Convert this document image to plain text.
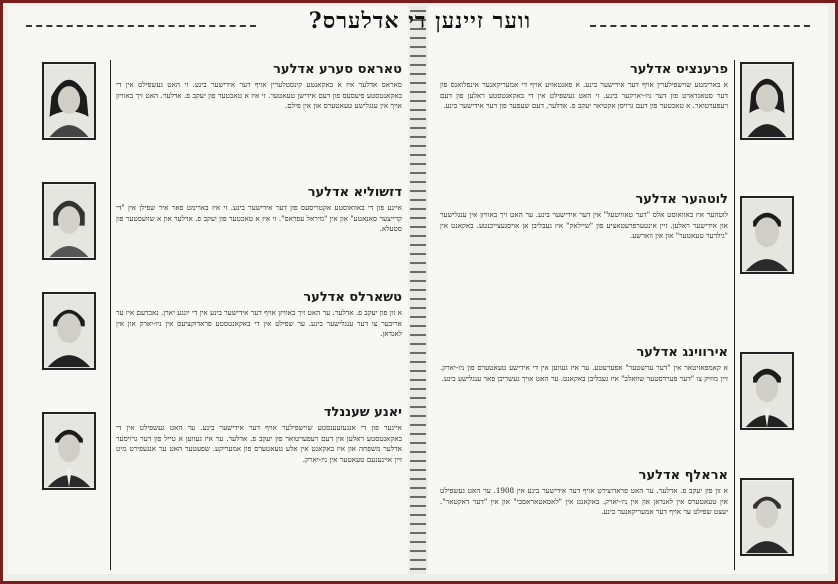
ווער זיינען די אדלערס?
פרענציס אדלער
א בארימטע שוישפילערין אויף דער אידישער בינע. א פאנטאזיע אויף די אמעריקאנער אינפלואנס פון דער סטאנדארט פון דער ניו-יארקער בינע. זי האט געשפילט אין די באקאנטסטע ראלען פון דעם רעפערטואר. א טאכטער פון דעם גרויסן אקטיאר יעקב פ. אדלער, דעם שעפער פון דער אידישער בינע.
לוטהער אדלער
לוטהער איז באוואוסט אלס "דער טאוויטעל" אין דער אידישער בינע. ער האט זיך באוויזן אין ענגלישער און אידישער ראלען. זיין אינטערפרעטאציע פון "שיילאק" איז געבליבן אן אויסגעצייכנטע. באקאנט אין "גילדער טעאטער" און אין ווארשע.
אירווינג אדלער
א קאמפאזיטאר אין "דער ערשטער" אפערעטע. ער איז געווען אין די אידישע טעאטערס פון ניו-יארק. זיין מוזיק צו "דער פערדסטער שוואלב" איז געבליבן באקאנט. ער האט אויך געשריבן פאר ענגלישע בינע.
אראלף אדלער
א זון פון יעקב פ. אדלער. ער האט פראדוצירט אויף דער אידישער בינע אין 1908. ער האט געשפילט אין טעאטערס אין לאנדאן און אין ניו-יארק. באקאנט אין "לאסאטאראסבי" און אין "דער דאקטאר". יעצט שפילט ער אויף דער אמעריקאנער בינע.
טאראס סערע אדלער
סאראס אדלער איז א באקאנטע קינסטלערין אויף דער אידישער בינע. זי האט געשפילט אין די באקאנטסטע פיעסעס פון דעם אידישן טעאטער. זי איז א טאכטער פון יעקב פ. אדלער. האט זיך באוויזן אויך אין ענגלישע טעאטערס און אין פילם.
דזשוליא אדלער
איינע פון די באוואוסטע אקטריסעס פון דער אידישער בינע. זי איז בארימט פאר איר שפילן אין "די קרייצער סאנאטע" און אין "מיראל עפראס". זי איז א טאכטער פון יעקב פ. אדלער און א שוועסטער פון סטעלא.
טשארלס אדלער
א זון פון יעקב פ. אדלער. ער האט זיך באוויזן אויף דער אידישער בינע אין די יונגע יארן. נאכדעם איז ער אריבער צו דער ענגלישער בינע. ער שפילט אין די באקאנטסטע פראדוקציעס אין ניו-יארק און אין לאנדאן.
יאנע שעננלד
איינער פון די אנגעזעענסטע שוישפילער אויף דער אידישער בינע. ער האט געשפילט אין די באקאנטסטע ראלען אין דעם רעפערטואר פון יעקב פ. אדלער. ער איז געווען א טייל פון דער גרויסער אדלער משפחה און איז באקאנט אין אלע טעאטערס פון אמעריקע. שפעטער האט ער אנגעפירט מיט זיין אייגענעם טעאטער אין ניו-יארק.
